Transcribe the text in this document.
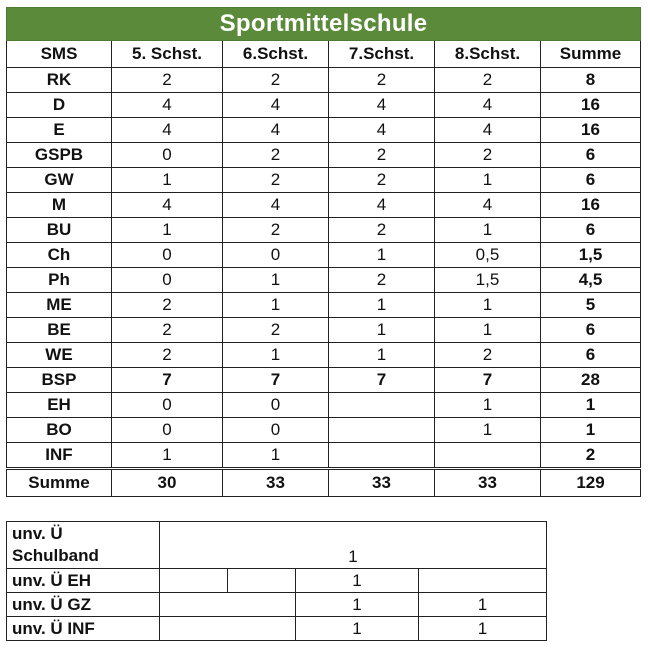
Sportmittelschule					
SMS	5. Schst.	6.Schst.	7.Schst.	8.Schst.	Summe
RK	2	2	2	2	8
D	4	4	4	4	16
E	4	4	4	4	16
GSPB	0	2	2	2	6
GW	1	2	2	1	6
M	4	4	4	4	16
BU	1	2	2	1	6
Ch	0	0	1	0,5	1,5
Ph	0	1	2	1,5	4,5
ME	2	1	1	1	5
BE	2	2	1	1	6
WE	2	1	1	2	6
BSP	7	7	7	7	28
EH	0	0		1	1
BO	0	0		1	1
INF	1	1			2
Summe	30	33	33	33	129
unv. Ü
Schulband	1			
unv. Ü EH			1	
unv. Ü GZ			1	1
unv. Ü INF			1	1
